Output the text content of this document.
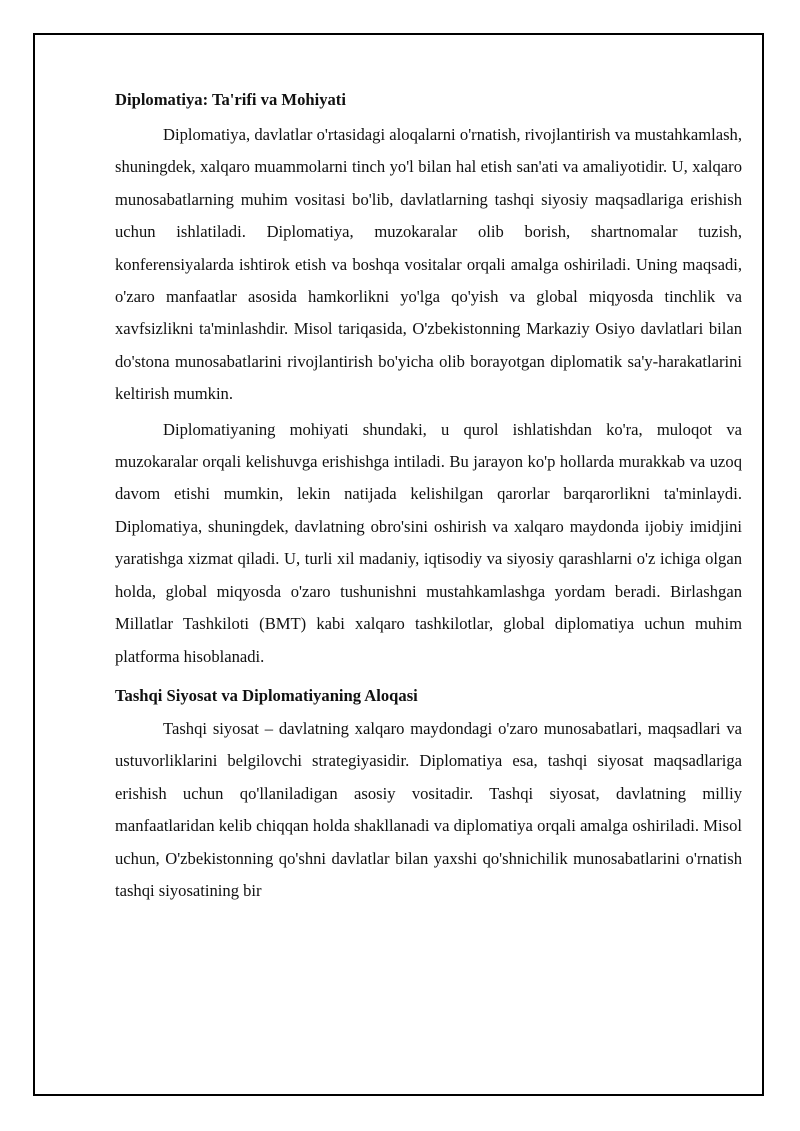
Diplomatiya: Ta'rifi va Mohiyati

Diplomatiya, davlatlar o'rtasidagi aloqalarni o'rnatish, rivojlantirish va mustahkamlash, shuningdek, xalqaro muammolarni tinch yo'l bilan hal etish san'ati va amaliyotidir. U, xalqaro munosabatlarning muhim vositasi bo'lib, davlatlarning tashqi siyosiy maqsadlariga erishish uchun ishlatiladi. Diplomatiya, muzokaralar olib borish, shartnomalar tuzish, konferensiyalarda ishtirok etish va boshqa vositalar orqali amalga oshiriladi. Uning maqsadi, o'zaro manfaatlar asosida hamkorlikni yo'lga qo'yish va global miqyosda tinchlik va xavfsizlikni ta'minlashdir. Misol tariqasida, O'zbekistonning Markaziy Osiyo davlatlari bilan do'stona munosabatlarini rivojlantirish bo'yicha olib borayotgan diplomatik sa'y-harakatlarini keltirish mumkin.

Diplomatiyaning mohiyati shundaki, u qurol ishlatishdan ko'ra, muloqot va muzokaralar orqali kelishuvga erishishga intiladi. Bu jarayon ko'p hollarda murakkab va uzoq davom etishi mumkin, lekin natijada kelishilgan qarorlar barqarorlikni ta'minlaydi. Diplomatiya, shuningdek, davlatning obro'sini oshirish va xalqaro maydonda ijobiy imidjini yaratishga xizmat qiladi. U, turli xil madaniy, iqtisodiy va siyosiy qarashlarni o'z ichiga olgan holda, global miqyosda o'zaro tushunishni mustahkamlashga yordam beradi. Birlashgan Millatlar Tashkiloti (BMT) kabi xalqaro tashkilotlar, global diplomatiya uchun muhim platforma hisoblanadi.

Tashqi Siyosat va Diplomatiyaning Aloqasi

Tashqi siyosat – davlatning xalqaro maydondagi o'zaro munosabatlari, maqsadlari va ustuvorliklarini belgilovchi strategiyasidir. Diplomatiya esa, tashqi siyosat maqsadlariga erishish uchun qo'llaniladigan asosiy vositadir. Tashqi siyosat, davlatning milliy manfaatlaridan kelib chiqqan holda shakllanadi va diplomatiya orqali amalga oshiriladi. Misol uchun, O'zbekistonning qo'shni davlatlar bilan yaxshi qo'shnichilik munosabatlarini o'rnatish tashqi siyosatining bir
